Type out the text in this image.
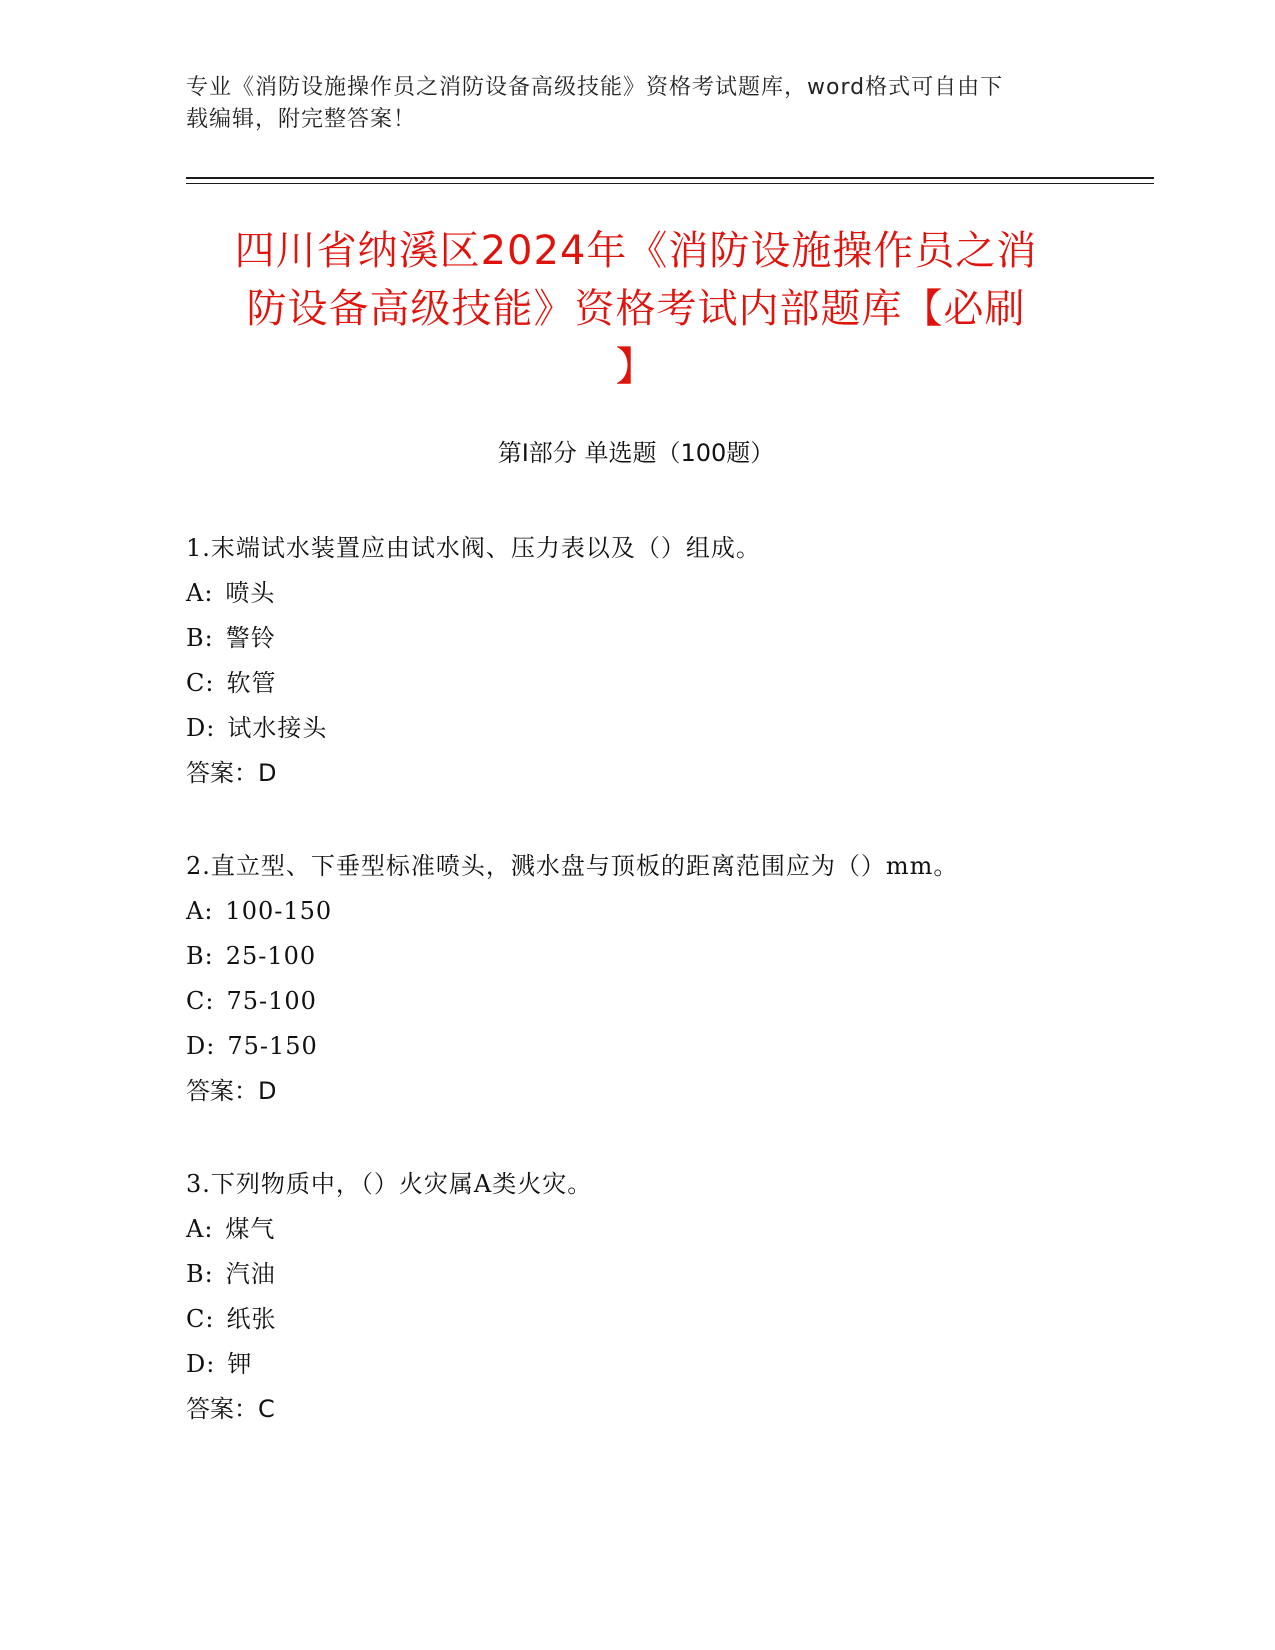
专业《消防设施操作员之消防设备高级技能》资格考试题库，word格式可自由下
载编辑，附完整答案！
四川省纳溪区2024年《消防设施操作员之消
防设备高级技能》资格考试内部题库【必刷
】
第Ⅰ部分 单选题（100题）
1.末端试水装置应由试水阀、压力表以及（）组成。
A: 喷头
B: 警铃
C: 软管
D: 试水接头
答案：D
2.直立型、下垂型标准喷头，溅水盘与顶板的距离范围应为（）mm。
A: 100-150
B: 25-100
C: 75-100
D: 75-150
答案：D
3.下列物质中，（）火灾属A类火灾。
A: 煤气
B: 汽油
C: 纸张
D: 钾
答案：C
